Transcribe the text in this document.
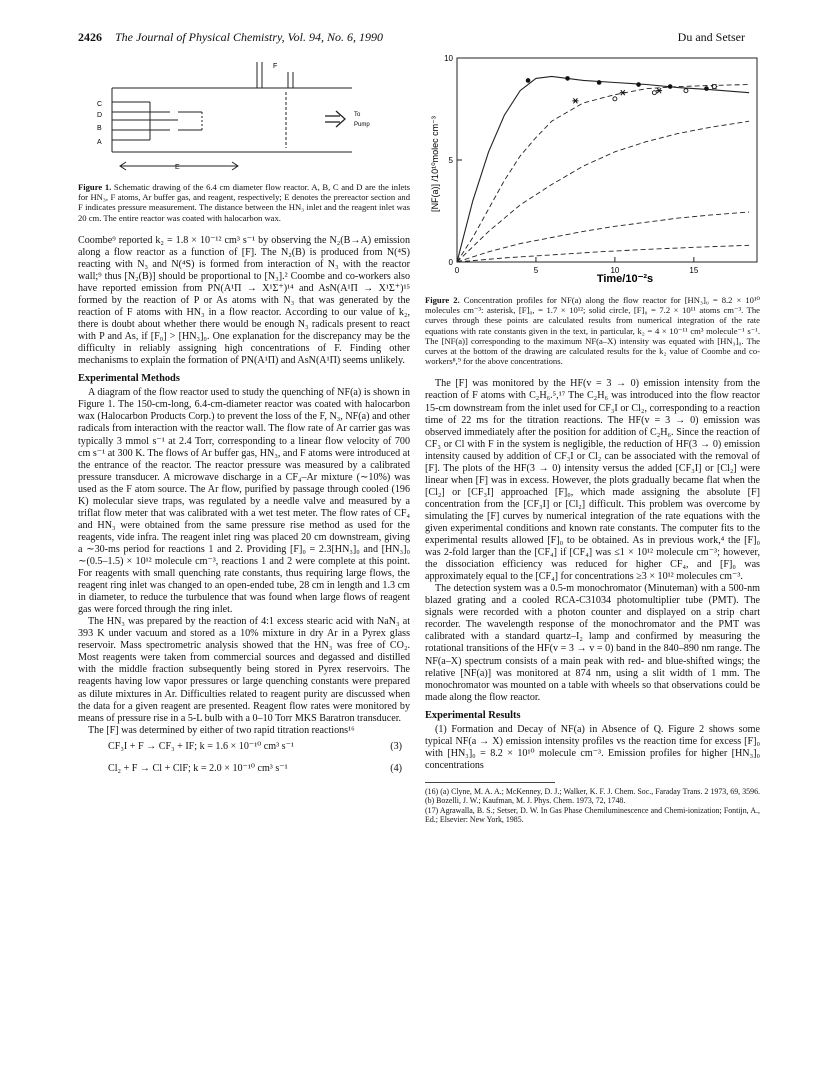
2426 The Journal of Physical Chemistry, Vol. 94, No. 6, 1990	Du and Setser
C
D
B
A
E
F
To
Pump
Figure 1. Schematic drawing of the 6.4 cm diameter flow reactor. A, B, C and D are the inlets for HN₃, F atoms, Ar buffer gas, and reagent, respectively; E denotes the prereactor section and F indicates pressure measurement. The distance between the HN₃ inlet and the reagent inlet was 20 cm. The entire reactor was coated with halocarbon wax.

Coombe⁹ reported k₂ = 1.8 × 10⁻¹² cm³ s⁻¹ by observing the N₂(B→A) emission along a flow reactor as a function of [F]. The N₂(B) is produced from N(⁴S) reacting with N₃ and N(⁴S) is formed from interaction of N₃ with the reactor wall;⁹ thus [N₂(B)] should be proportional to [N₃].² Coombe and co-workers also have reported emission from PN(A¹Π → X¹Σ⁺)¹⁴ and AsN(A¹Π → X¹Σ⁺)¹⁵ formed by the reaction of P or As atoms with N₃ that was generated by the reaction of F atoms with HN₃ in a flow reactor. According to our value of k₂, there is doubt about whether there would be enough N₃ radicals present to react with P and As, if [F₀] > [HN₃]₀. One explanation for the discrepancy may be the difficulty in reliably assigning high concentrations of F. Finding other mechanisms to explain the formation of PN(A¹Π) and AsN(A¹Π) seems unlikely.

Experimental Methods

A diagram of the flow reactor used to study the quenching of NF(a) is shown in Figure 1. The 150-cm-long, 6.4-cm-diameter reactor was coated with halocarbon wax (Halocarbon Products Corp.) to prevent the loss of the F, N₃, NF(a) and other radicals from interaction with the reactor wall. The flow rate of Ar carrier gas was typically 3 mmol s⁻¹ at 2.4 Torr, corresponding to a linear flow velocity of 700 cm s⁻¹ at 300 K. The flows of Ar buffer gas, HN₃, and F atoms were introduced at the entrance of the reactor. The reactor pressure was measured by a calibrated pressure transducer. A microwave discharge in a CF₄–Ar mixture (∼10%) was used as the F atom source. The Ar flow, purified by passage through cooled (196 K) molecular sieve traps, was regulated by a needle valve and measured by a triflat flow meter that was calibrated with a wet test meter. The flow rates of CF₄ and HN₃ were obtained from the same pressure rise method as used for the reagents, vide infra. The reagent inlet ring was placed 20 cm downstream, giving a ∼30-ms period for reactions 1 and 2. Providing [F]₀ = 2.3[HN₃]₀ and [HN₃]₀ ∼(0.5–1.5) × 10¹² molecule cm⁻³, reactions 1 and 2 were complete at this point. For reagents with small quenching rate constants, thus requiring large flows, the reagent ring inlet was changed to an open-ended tube, 28 cm in length and 1.3 cm in diameter, to reduce the turbulence that was found when large flows of reagent gas were forced through the ring inlet.

The HN₃ was prepared by the reaction of 4:1 excess stearic acid with NaN₃ at 393 K under vacuum and stored as a 10% mixture in dry Ar in a Pyrex glass reservoir. Mass spectrometric analysis showed that the HN₃ was free of CO₂. Most reagents were taken from commercial sources and degassed and distilled with the middle fraction subsequently being stored in Pyrex reservoirs. The reagents having low vapor pressures or large quenching constants were prepared as dilute mixtures in Ar. Difficulties related to reagent purity are discussed when the data for a given reagent are presented. Reagent flow rates were monitored by means of pressure rise in a 5-L bulb with a 0–10 Torr MKS Baratron transducer.

The [F] was determined by either of two rapid titration reactions¹⁶

CF₃I + F → CF₃ + IF; k = 1.6 × 10⁻¹⁰ cm³ s⁻¹	(3)
Cl₂ + F → Cl + ClF; k = 2.0 × 10⁻¹⁰ cm³ s⁻¹	(4)
0	5	10	15
0
5
10
Time/10⁻²s
[NF(a)] /10¹⁰molec cm⁻³
Figure 2. Concentration profiles for NF(a) along the flow reactor for [HN₃]₀ = 8.2 × 10¹⁰ molecules cm⁻³: asterisk, [F]₀, = 1.7 × 10¹²; solid circle, [F]₀ = 7.2 × 10¹¹ atoms cm⁻³. The curves through these points are calculated results from numerical integration of the rate equations with rate constants given in the text, in particular, k₂ = 4 × 10⁻¹¹ cm³ molecule⁻¹ s⁻¹. The [NF(a)] corresponding to the maximum NF(a–X) intensity was equated with [HN₃]₀. The curves at the bottom of the drawing are calculated results for the k₂ value of Coombe and co-workers⁸,⁹ for the above concentrations.

The [F] was monitored by the HF(v = 3 → 0) emission intensity from the reaction of F atoms with C₂H₆.⁵,¹⁷ The C₂H₆ was introduced into the flow reactor 15-cm downstream from the inlet used for CF₃I or Cl₂, corresponding to a reaction time of 22 ms for the titration reactions. The HF(v = 3 → 0) emission was observed immediately after the position for addition of C₂H₆. Since the reaction of CF₃ or Cl with F in the system is negligible, the reduction of HF(3 → 0) emission intensity caused by addition of CF₃I or Cl₂ can be associated with the removal of [F]. The plots of the HF(3 → 0) intensity versus the added [CF₃I] or [Cl₂] were linear when [F] was in excess. However, the plots gradually became flat when the [Cl₂] or [CF₃I] approached [F]₀, which made assigning the absolute [F] concentration from the [CF₃I] or [Cl₂] difficult. This problem was overcome by simulating the [F] curves by numerical integration of the rate equations with the given experimental conditions and known rate constants. The computer fits to the experimental results allowed [F]₀ to be obtained. As in previous work,⁴ the [F]₀ was 2-fold larger than the [CF₄] if [CF₄] was ≤1 × 10¹² molecule cm⁻³; however, the dissociation efficiency was reduced for higher CF₄, and [F]₀ was approximately equal to the [CF₄] for concentrations ≥3 × 10¹² molecules cm⁻³.

The detection system was a 0.5-m monochromator (Minuteman) with a 500-nm blazed grating and a cooled RCA-C31034 photomultiplier tube (PMT). The signals were recorded with a photon counter and displayed on a strip chart recorder. The wavelength response of the monochromator and the PMT was calibrated with a standard quartz–I₂ lamp and confirmed by measuring the rotational transitions of the HF(v = 3 → v = 0) band in the 840–890 nm range. The NF(a–X) spectrum consists of a main peak with red- and blue-shifted wings; the relative [NF(a)] was monitored at 874 nm, using a slit width of 1 mm. The monochromator was mounted on a table with wheels so that observations could be made along the flow reactor.

Experimental Results

(1) Formation and Decay of NF(a) in Absence of Q. Figure 2 shows some typical NF(a → X) emission intensity profiles vs the reaction time for excess [F]₀ with [HN₃]₀ = 8.2 × 10¹⁰ molecule cm⁻³. Emission profiles for higher [HN₃]₀ concentrations

(16) (a) Clyne, M. A. A.; McKenney, D. J.; Walker, K. F. J. Chem. Soc., Faraday Trans. 2 1973, 69, 3596. (b) Bozelli, J. W.; Kaufman, M. J. Phys. Chem. 1973, 72, 1748.
(17) Agrawalla, B. S.; Setser, D. W. In Gas Phase Chemiluminescence and Chemi-ionization; Fontijn, A., Ed.; Elsevier: New York, 1985.
